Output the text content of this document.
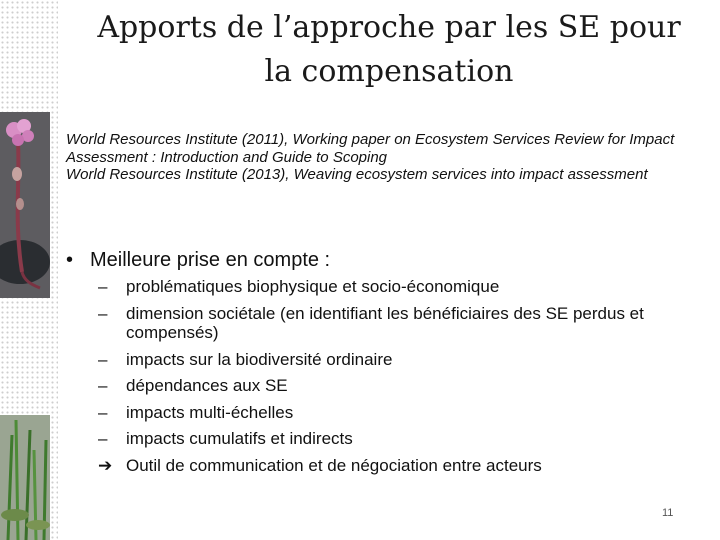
Apports de l’approche par les SE pour
la compensation

World Resources Institute (2011), Working paper on Ecosystem Services Review for Impact Assessment : Introduction and Guide to Scoping

World Resources Institute (2013), Weaving ecosystem services into impact assessment

• Meilleure prise en compte :
– problématiques biophysique et socio-économique
– dimension sociétale (en identifiant les bénéficiaires des SE perdus et compensés)
– impacts sur la biodiversité ordinaire
– dépendances aux SE
– impacts multi-échelles
– impacts cumulatifs et indirects
➔ Outil de communication et de négociation entre acteurs
11
